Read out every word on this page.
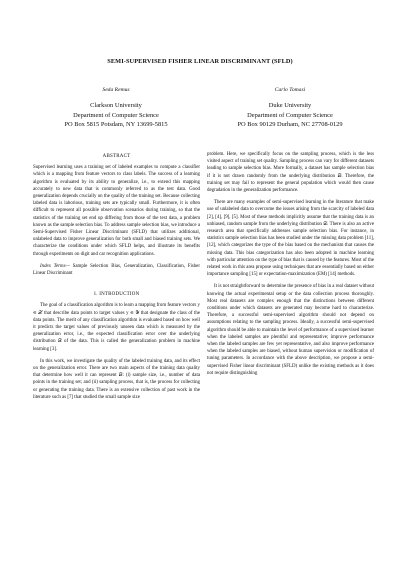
SEMI-SUPERVISED FISHER LINEAR DISCRIMINANT (SFLD)
Seda Remus
Clarkson University
Department of Computer Science
PO Box 5815 Potsdam, NY 13699-5815
Carlo Tomasi
Duke University
Department of Computer Science
PO Box 90129 Durham, NC 27708-0129
ABSTRACT

Supervised learning uses a training set of labeled examples to compute a classifier which is a mapping from feature vectors to class labels. The success of a learning algorithm is evaluated by its ability to generalize, i.e., to extend this mapping accurately to new data that is commonly referred to as the test data. Good generalization depends crucially on the quality of the training set. Because collecting labeled data is laborious, training sets are typically small. Furthermore, it is often difficult to represent all possible observation scenarios during training, so that the statistics of the training set end up differing from those of the test data, a problem known as the sample selection bias. To address sample selection bias, we introduce a Semi-Supervised Fisher Linear Discriminant (SFLD) that utilizes additional, unlabeled data to improve generalization for both small and biased training sets. We characterize the conditions under which SFLD helps, and illustrate its benefits through experiments on digit and car recognition applications.

Index Terms— Sample Selection Bias, Generalization, Classification, Fisher Linear Discriminant
1. INTRODUCTION

The goal of a classification algorithm is to learn a mapping from feature vectors y ∈ 𝒳 that describe data points to target values y ∈ 𝒴 that designate the class of the data points. The merit of any classification algorithm is evaluated based on how well it predicts the target values of previously unseen data which is measured by the generalization error, i.e., the expected classification error over the underlying distribution 𝒟 of the data. This is called the generalization problem in machine learning [3].

In this work, we investigate the quality of the labeled training data, and its effect on the generalization error. There are two main aspects of the training data quality that determine how well it can represent 𝒟: (i) sample size, i.e., number of data points in the training set; and (ii) sampling process, that is, the process for collecting or generating the training data. There is an extensive collection of past work in the literature such as [7] that studied the small sample size

problem. Here, we specifically focus on the sampling process, which is the less visited aspect of training set quality. Sampling process can vary for different datasets leading to sample selection bias. More formally, a dataset has sample selection bias if it is not drawn randomly from the underlying distribution 𝒟. Therefore, the training set may fail to represent the general population which would then cause degradation in the generalization performance.

There are many examples of semi-supervised learning in the literature that make use of unlabeled data to overcome the issues arising from the scarcity of labeled data [2], [4], [9], [5]. Most of these methods implicitly assume that the training data is an unbiased, random sample from the underlying distribution 𝒟. There is also an active research area that specifically addresses sample selection bias. For instance, in statistics sample selection bias has been studied under the missing data problem [11], [12], which categorizes the type of the bias based on the mechanism that causes the missing data. This bias categorization has also been adopted in machine learning with particular attention on the type of bias that is caused by the features. Most of the related work in this area propose using techniques that are essentially based on either importance sampling [15] or expectation-maximization (EM) [14] methods.

It is not straightforward to determine the presence of bias in a real dataset without knowing the actual experimental setup or the data collection process thoroughly. Most real datasets are complex enough that the distinctions between different conditions under which datasets are generated may become hard to characterize. Therefore, a successful semi-supervised algorithm should not depend on assumptions relating to the sampling process. Ideally, a successful semi-supervised algorithm should be able to maintain the level of performance of a supervised learner when the labeled samples are plentiful and representative; improve performance when the labeled samples are few yet representative, and also improve performance when the labeled samples are biased, without human supervision or modification of tuning parameters. In accordance with the above description, we propose a semi-supervised Fisher linear discriminant (SFLD) unlike the existing methods as it does not require distinguishing
